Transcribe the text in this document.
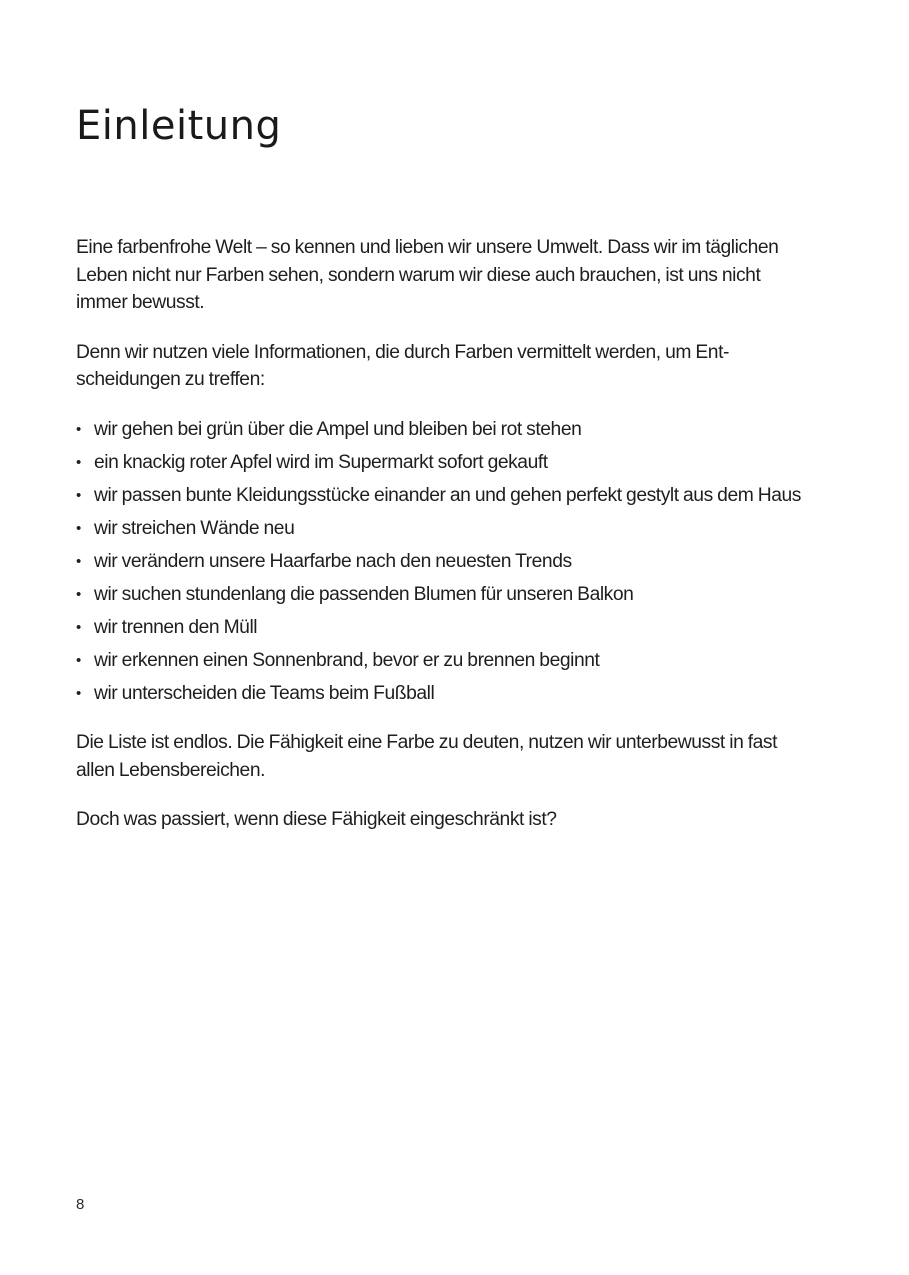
Einleitung

Eine farbenfrohe Welt – so kennen und lieben wir unsere Umwelt. Dass wir im täglichen Leben nicht nur Farben sehen, sondern warum wir diese auch brauchen, ist uns nicht immer bewusst.

Denn wir nutzen viele Informationen, die durch Farben vermittelt werden, um Entscheidungen zu treffen:

• wir gehen bei grün über die Ampel und bleiben bei rot stehen
• ein knackig roter Apfel wird im Supermarkt sofort gekauft
• wir passen bunte Kleidungsstücke einander an und gehen perfekt gestylt aus dem Haus
• wir streichen Wände neu
• wir verändern unsere Haarfarbe nach den neuesten Trends
• wir suchen stundenlang die passenden Blumen für unseren Balkon
• wir trennen den Müll
• wir erkennen einen Sonnenbrand, bevor er zu brennen beginnt
• wir unterscheiden die Teams beim Fußball

Die Liste ist endlos. Die Fähigkeit eine Farbe zu deuten, nutzen wir unterbewusst in fast allen Lebensbereichen.

Doch was passiert, wenn diese Fähigkeit eingeschränkt ist?

8
